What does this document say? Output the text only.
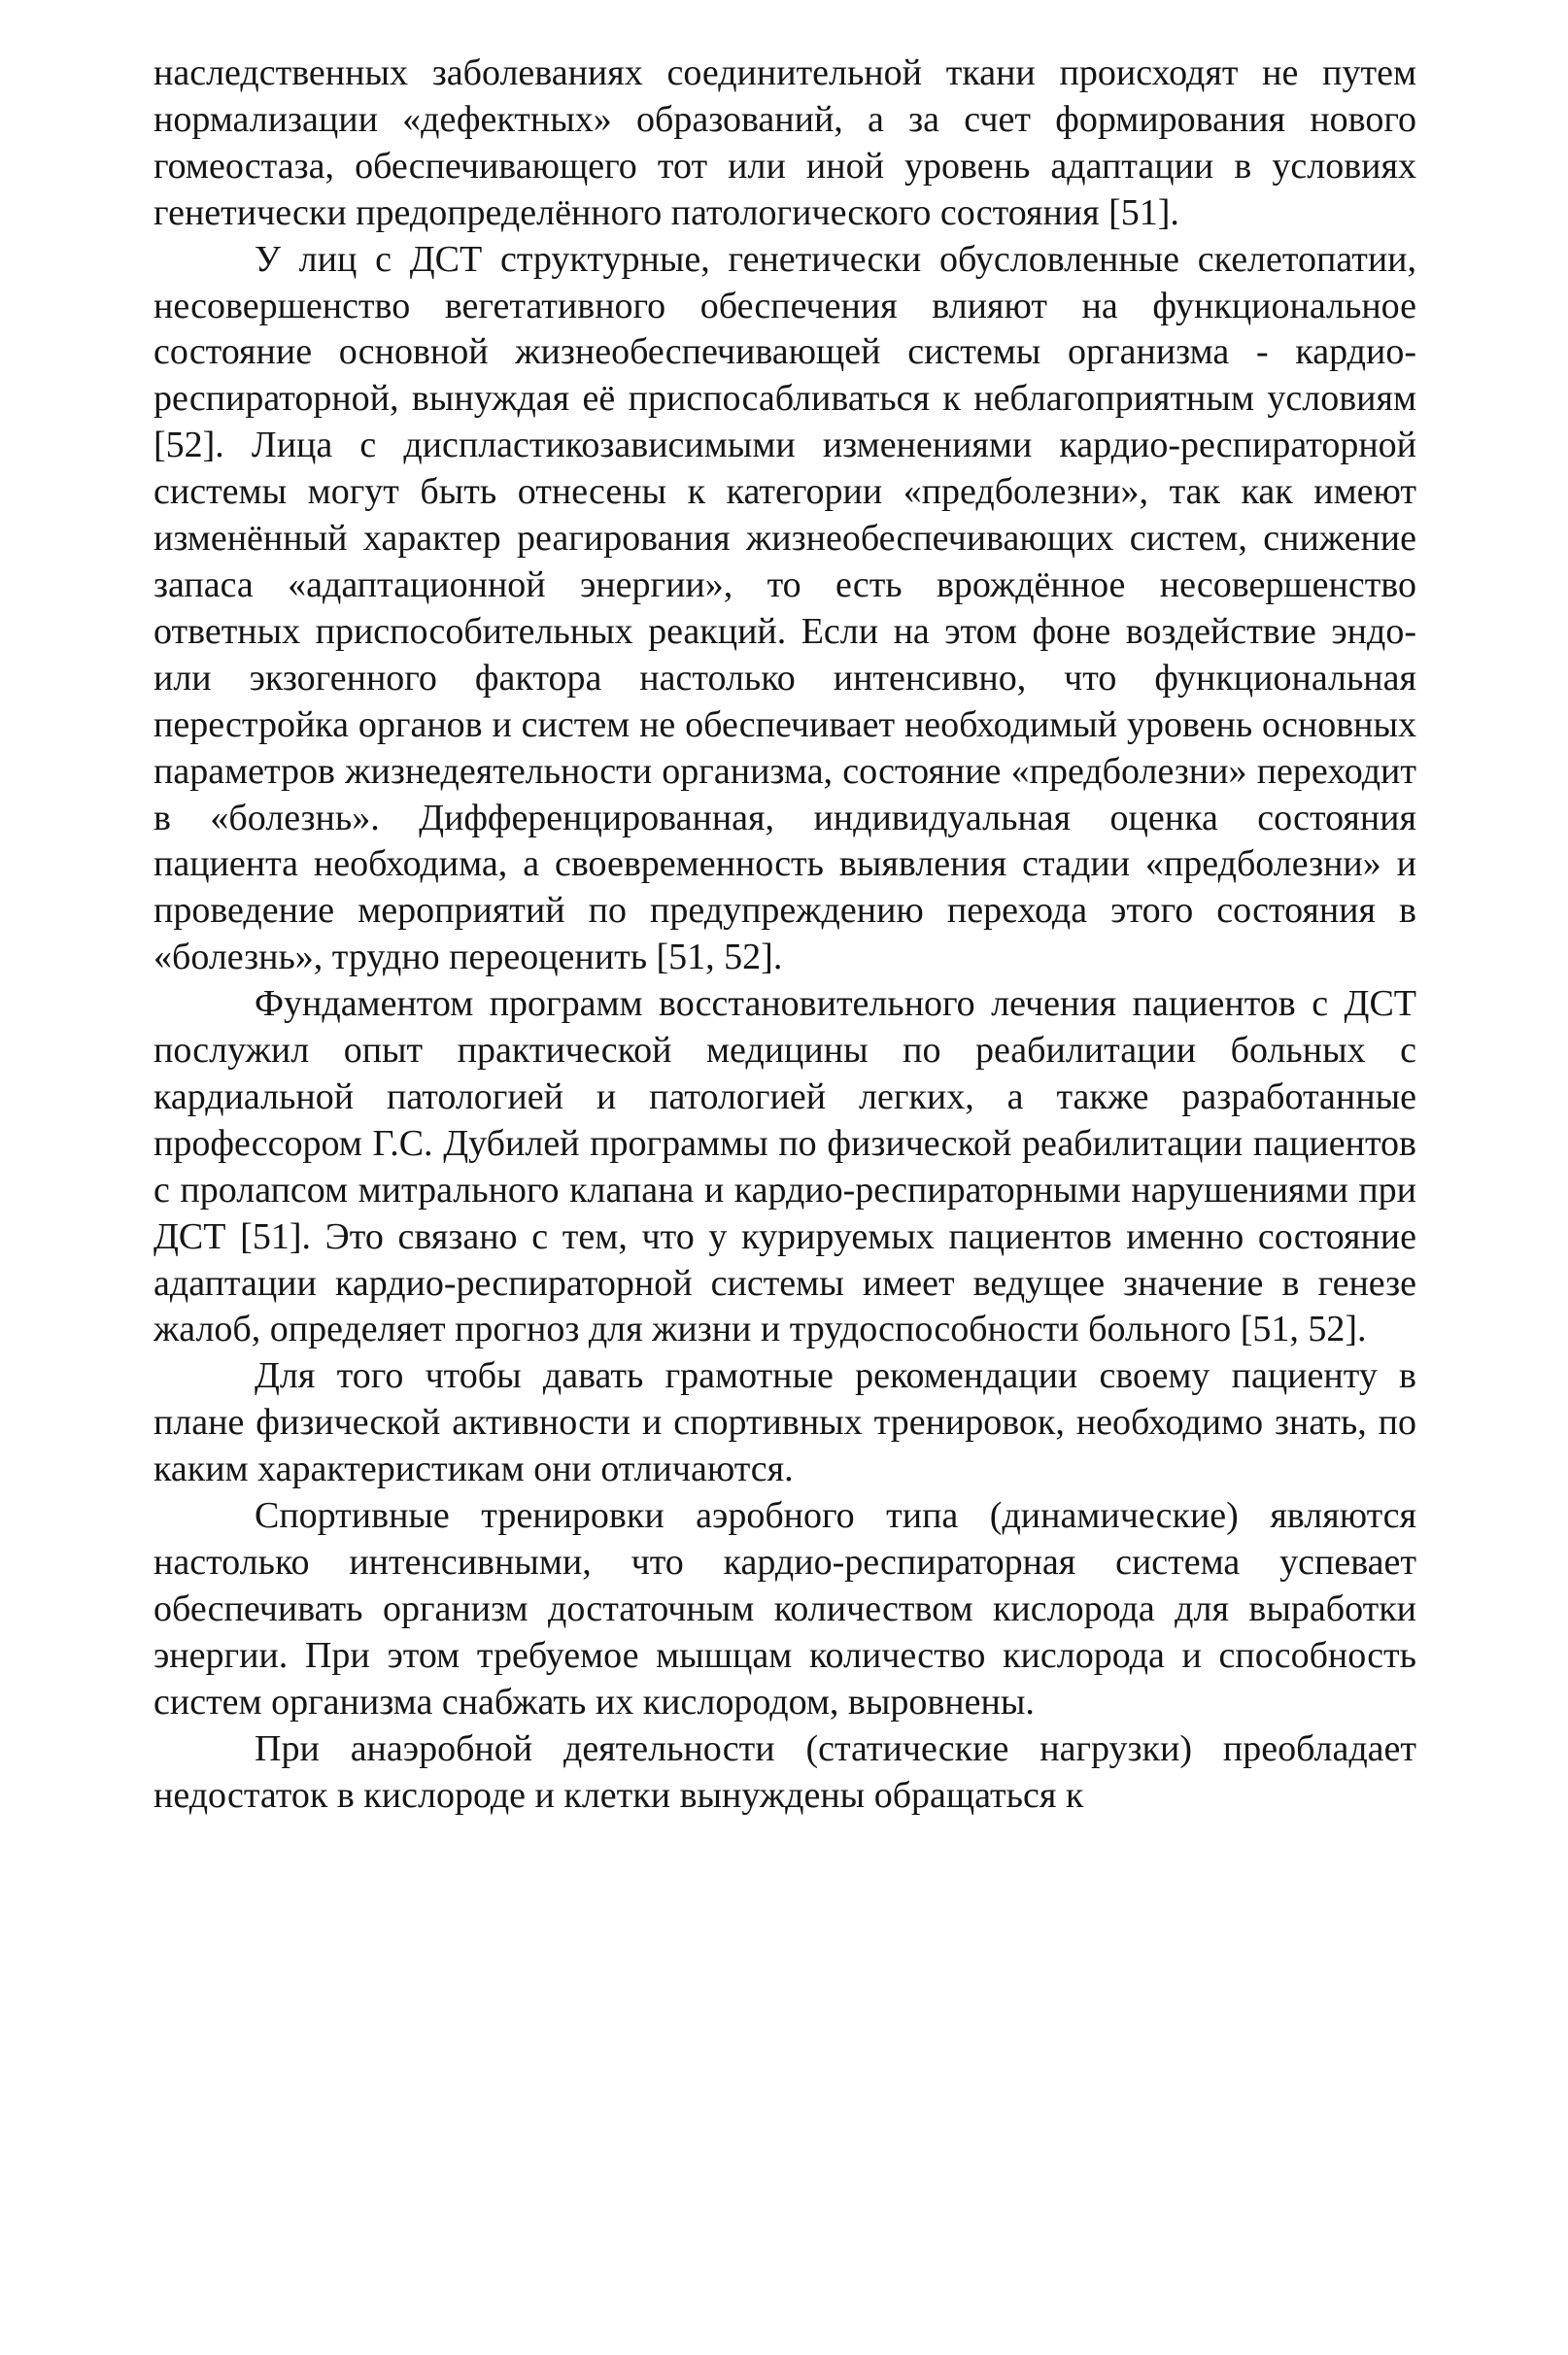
наследственных заболеваниях соединительной ткани происходят не путем нормализации «дефектных» образований, а за счет формирования нового гомеостаза, обеспечивающего тот или иной уровень адаптации в условиях генетически предопределённого патологического состояния [51].

У лиц с ДСТ структурные, генетически обусловленные скелетопатии, несовершенство вегетативного обеспечения влияют на функциональное состояние основной жизнеобеспечивающей системы организма - кардио-респираторной, вынуждая её приспосабливаться к неблагоприятным условиям [52]. Лица с диспластикозависимыми изменениями кардио-респираторной системы могут быть отнесены к категории «предболезни», так как имеют изменённый характер реагирования жизнеобеспечивающих систем, снижение запаса «адаптационной энергии», то есть врождённое несовершенство ответных приспособительных реакций. Если на этом фоне воздействие эндо- или экзогенного фактора настолько интенсивно, что функциональная перестройка органов и систем не обеспечивает необходимый уровень основных параметров жизнедеятельности организма, состояние «предболезни» переходит в «болезнь». Дифференцированная, индивидуальная оценка состояния пациента необходима, а своевременность выявления стадии «предболезни» и проведение мероприятий по предупреждению перехода этого состояния в «болезнь», трудно переоценить [51, 52].

Фундаментом программ восстановительного лечения пациентов с ДСТ послужил опыт практической медицины по реабилитации больных с кардиальной патологией и патологией легких, а также разработанные профессором Г.С. Дубилей программы по физической реабилитации пациентов с пролапсом митрального клапана и кардио-респираторными нарушениями при ДСТ [51]. Это связано с тем, что у курируемых пациентов именно состояние адаптации кардио-респираторной системы имеет ведущее значение в генезе жалоб, определяет прогноз для жизни и трудоспособности больного [51, 52].

Для того чтобы давать грамотные рекомендации своему пациенту в плане физической активности и спортивных тренировок, необходимо знать, по каким характеристикам они отличаются.

Спортивные тренировки аэробного типа (динамические) являются настолько интенсивными, что кардио-респираторная система успевает обеспечивать организм достаточным количеством кислорода для выработки энергии. При этом требуемое мышцам количество кислорода и способность систем организма снабжать их кислородом, выровнены.

При анаэробной деятельности (статические нагрузки) преобладает недостаток в кислороде и клетки вынуждены обращаться к
